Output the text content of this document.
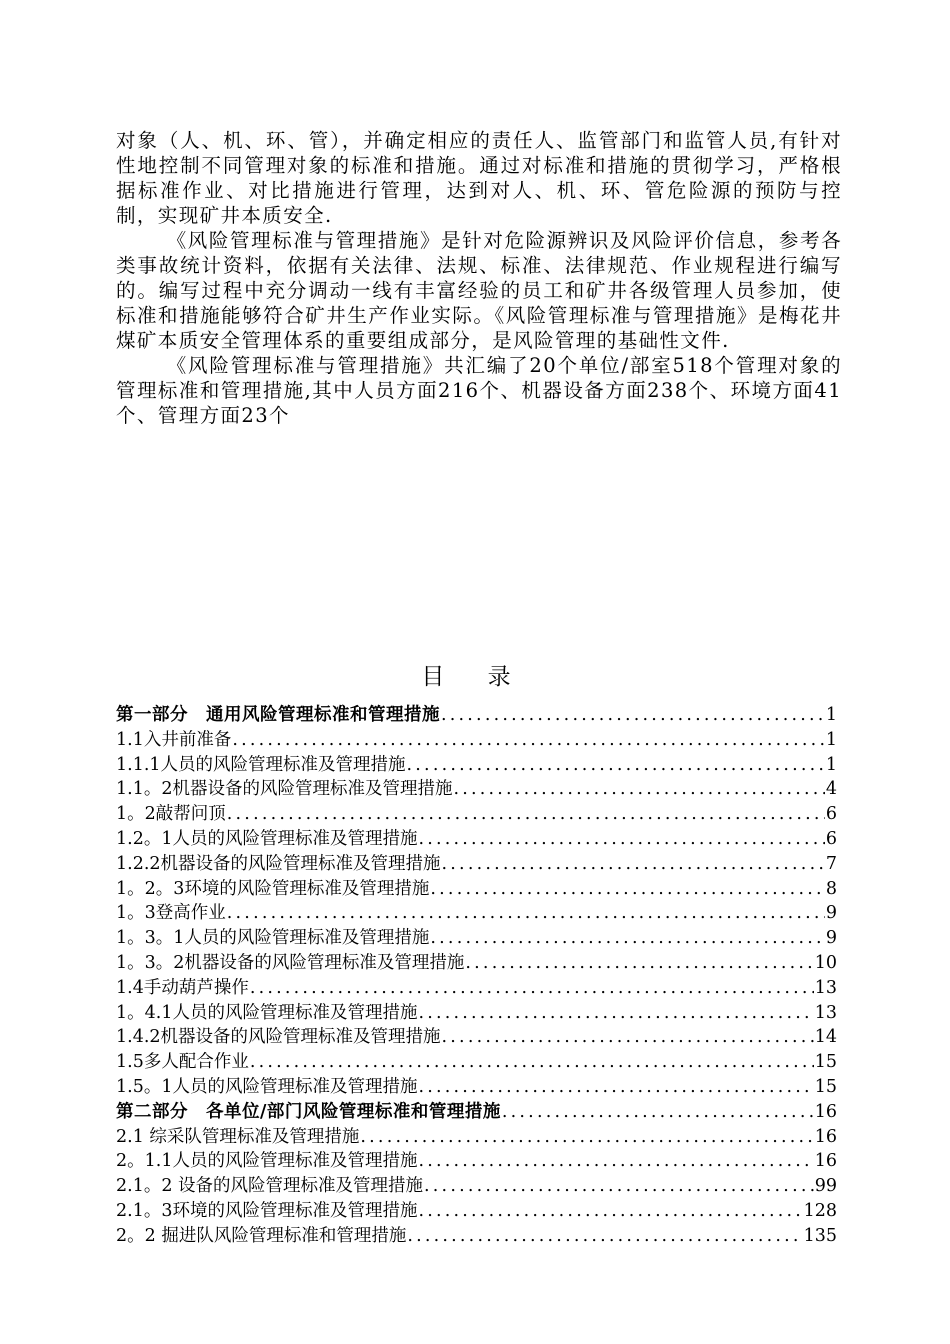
对象（人、机、环、管），并确定相应的责任人、监管部门和监管人员,有针对性地控制不同管理对象的标准和措施。通过对标准和措施的贯彻学习，严格根据标准作业、对比措施进行管理，达到对人、机、环、管危险源的预防与控制，实现矿井本质安全.

《风险管理标准与管理措施》是针对危险源辨识及风险评价信息，参考各类事故统计资料，依据有关法律、法规、标准、法律规范、作业规程进行编写的。编写过程中充分调动一线有丰富经验的员工和矿井各级管理人员参加，使标准和措施能够符合矿井生产作业实际。《风险管理标准与管理措施》是梅花井煤矿本质安全管理体系的重要组成部分，是风险管理的基础性文件.

《风险管理标准与管理措施》共汇编了20个单位/部室518个管理对象的管理标准和管理措施,其中人员方面216个、机器设备方面238个、环境方面41个、管理方面23个

目 录
第一部分　通用风险管理标准和管理措施 .....	1
1.1入井前准备 .....	1
1.1.1人员的风险管理标准及管理措施 .....	1
1.1。2机器设备的风险管理标准及管理措施 .....	4
1。2敲帮问顶 .....	6
1.2。1人员的风险管理标准及管理措施 .....	6
1.2.2机器设备的风险管理标准及管理措施 .....	7
1。2。3环境的风险管理标准及管理措施 .....	8
1。3登高作业 .....	9
1。3。1人员的风险管理标准及管理措施 .....	9
1。3。2机器设备的风险管理标准及管理措施 .....	10
1.4手动葫芦操作 .....	13
1。4.1人员的风险管理标准及管理措施 .....	13
1.4.2机器设备的风险管理标准及管理措施 .....	14
1.5多人配合作业 .....	15
1.5。1人员的风险管理标准及管理措施 .....	15
第二部分　各单位/部门风险管理标准和管理措施 .....	16
2.1 综采队管理标准及管理措施 .....	16
2。1.1人员的风险管理标准及管理措施 .....	16
2.1。2 设备的风险管理标准及管理措施 .....	99
2.1。3环境的风险管理标准及管理措施 .....	128
2。2 掘进队风险管理标准和管理措施 .....	135
